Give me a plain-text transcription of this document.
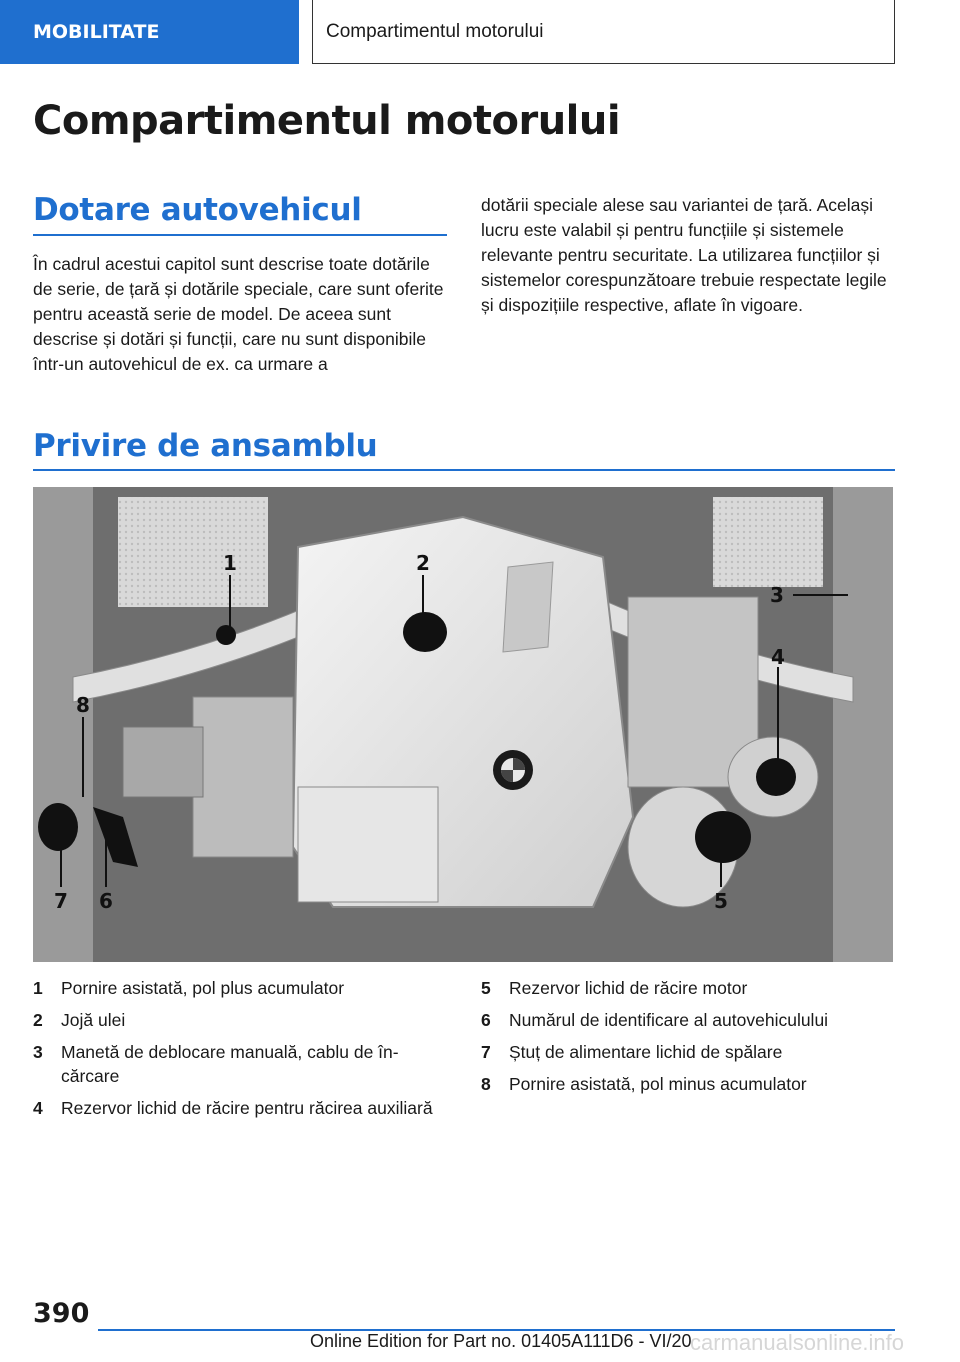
MOBILITATE	Compartimentul motorului
Compartimentul motorului
Dotare autovehicul

În cadrul acestui capitol sunt descrise toate dotările de serie, de țară și dotările speciale, care sunt oferite pentru această serie de model. De aceea sunt descrise și dotări și funcții, care nu sunt disponibile într-un autovehicul de ex. ca urmare a

dotării speciale alese sau variantei de țară. Același lucru este valabil și pentru funcțiile și sistemele relevante pentru securitate. La utilizarea funcțiilor și sistemelor corespunzătoare trebuie respectate legile și dispozițiile respective, aflate în vigoare.

Privire de ansamblu
1	2
3
4
5
6
7
8
1	Pornire asistată, pol plus acumulator
2	Jojă ulei
3	Manetă de deblocare manuală, cablu de încărcare
4	Rezervor lichid de răcire pentru răcirea auxiliară
5	Rezervor lichid de răcire motor
6	Numărul de identificare al autovehiculului
7	Ștuț de alimentare lichid de spălare
8	Pornire asistată, pol minus acumulator
390
Online Edition for Part no. 01405A111D6 - VI/20
carmanualsonline.info
